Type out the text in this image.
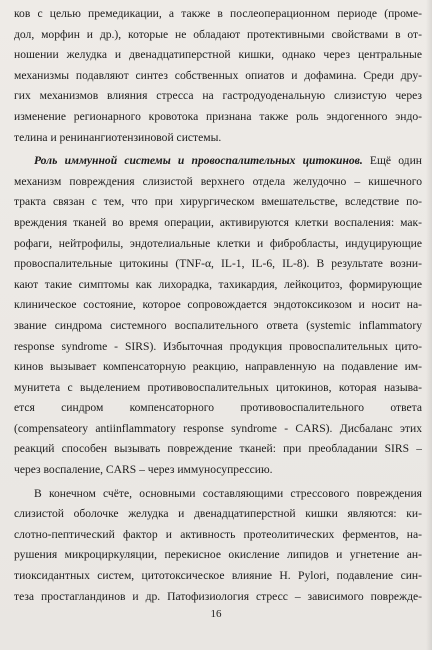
ков с целью премедикации, а также в послеоперационном периоде (проме-
дол, морфин и др.), которые не обладают протективными свойствами в от-
ношении желудка и двенадцатиперстной кишки, однако через центральные
механизмы подавляют синтез собственных опиатов и дофамина. Среди дру-
гих механизмов влияния стресса на гастродуоденальную слизистую через
изменение регионарного кровотока признана также роль эндогенного эндо-
телина и ренинангиотензиновой системы.
Роль иммунной системы и провоспалительных цитокинов. Ещё один
механизм повреждения слизистой верхнего отдела желудочно – кишечного
тракта связан с тем, что при хирургическом вмешательстве, вследствие по-
вреждения тканей во время операции, активируются клетки воспаления: мак-
рофаги, нейтрофилы, эндотелиальные клетки и фибробласты, индуцирующие
провоспалительные цитокины (TNF-α, IL-1, IL-6, IL-8). В результате возни-
кают такие симптомы как лихорадка, тахикардия, лейкоцитоз, формирующие
клиническое состояние, которое сопровождается эндотоксикозом и носит на-
звание синдрома системного воспалительного ответа (systemic inflammatory
response syndrome - SIRS). Избыточная продукция провоспалительных цито-
кинов вызывает компенсаторную реакцию, направленную на подавление им-
мунитета с выделением противовоспалительных цитокинов, которая называ-
ется синдром компенсаторного противовоспалительного ответа
(compensateory antiinflammatory response syndrome - CARS). Дисбаланс этих
реакций способен вызывать повреждение тканей: при преобладании SIRS –
через воспаление, CARS – через иммуносупрессию.
В конечном счёте, основными составляющими стрессового повреждения
слизистой оболочке желудка и двенадцатиперстной кишки являются: ки-
слотно-пептический фактор и активность протеолитических ферментов, на-
рушения микроциркуляции, перекисное окисление липидов и угнетение ан-
тиоксидантных систем, цитотоксическое влияние H. Pylori, подавление син-
теза простагландинов и др. Патофизиология стресс – зависимого поврежде-
16
